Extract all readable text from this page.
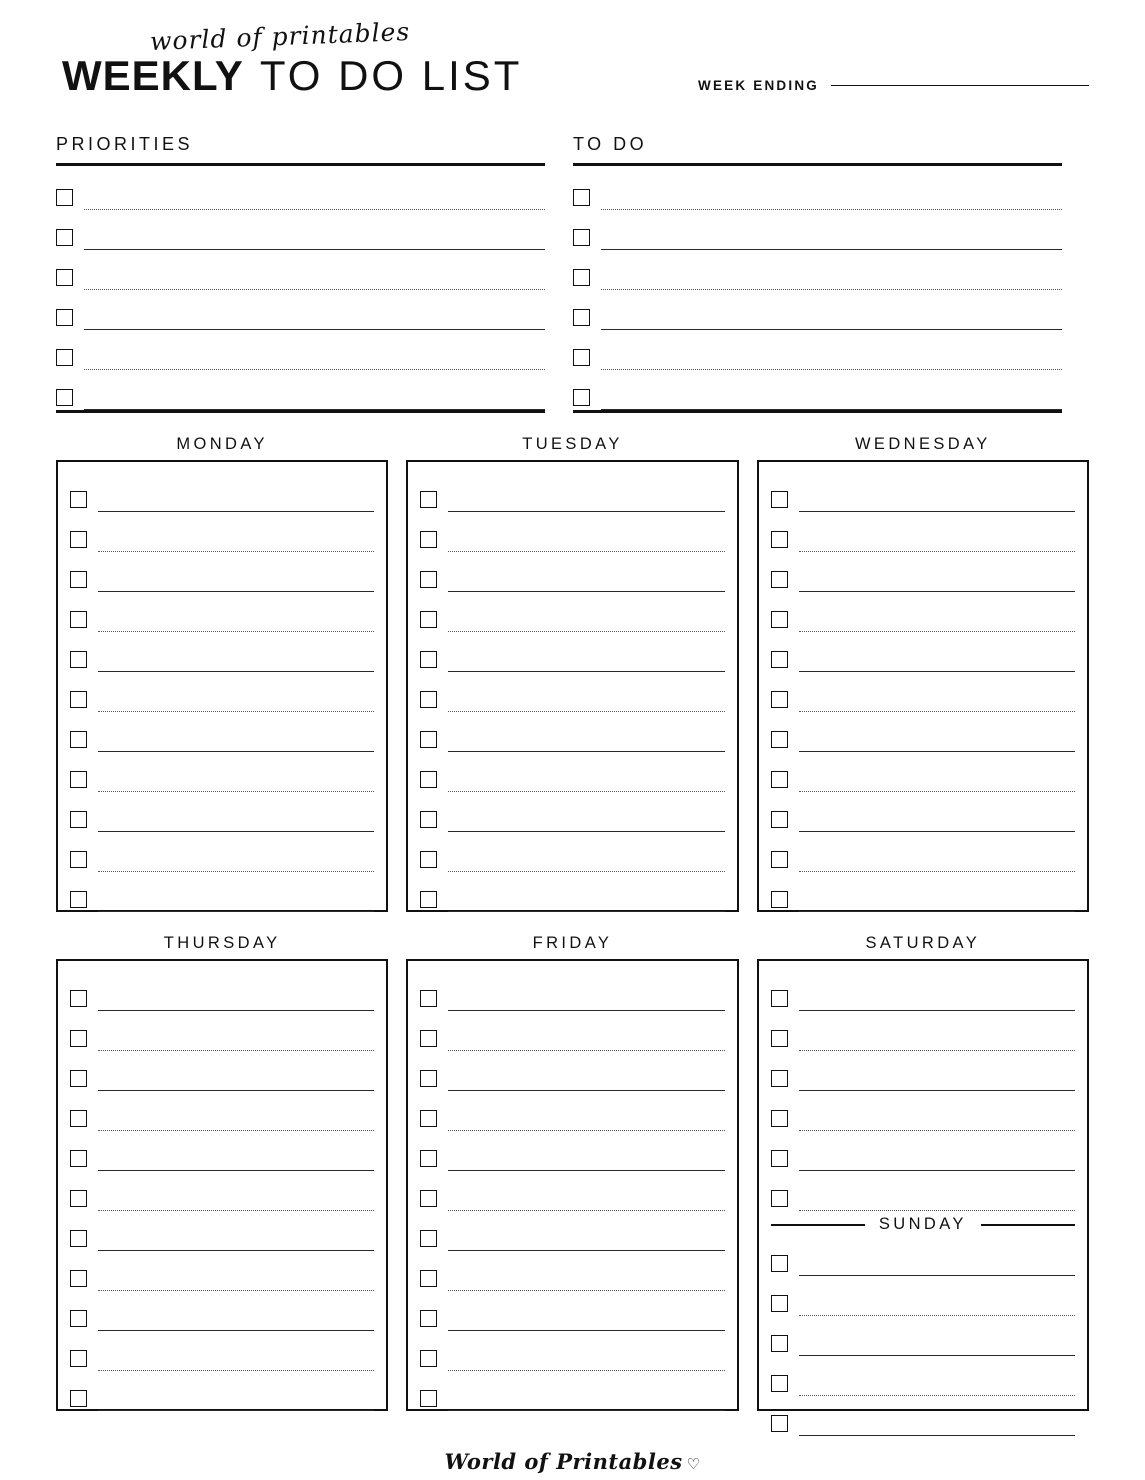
world of printables
WEEKLY TO DO LIST	WEEK ENDING
PRIORITIES	TO DO
MONDAY	TUESDAY	WEDNESDAY
THURSDAY	FRIDAY	SATURDAY
SUNDAY
World of Printables ♡
